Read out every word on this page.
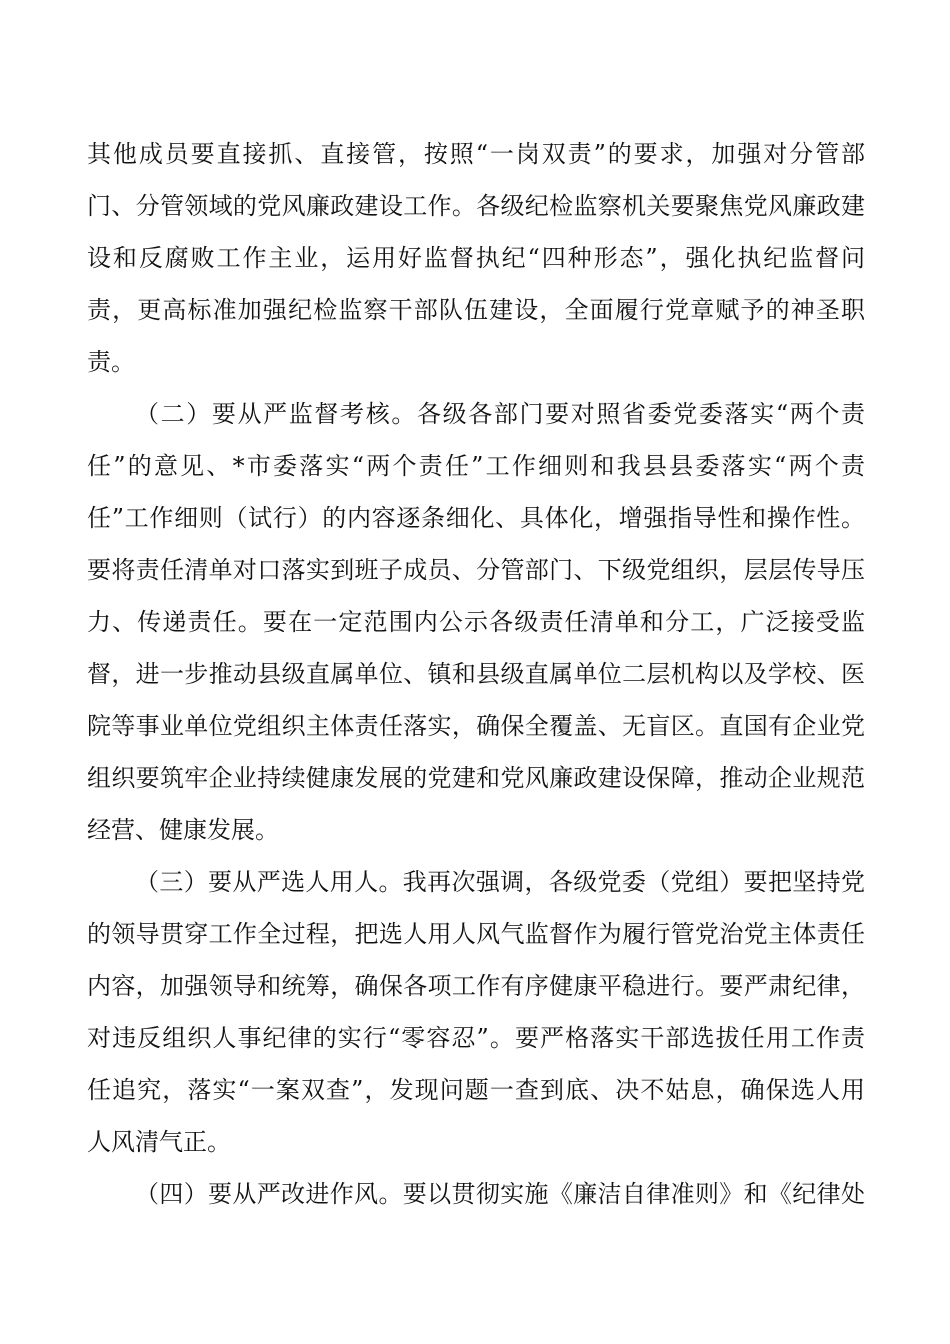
其他成员要直接抓、直接管，按照“一岗双责”的要求，加强对分管部
门、分管领域的党风廉政建设工作。各级纪检监察机关要聚焦党风廉政建
设和反腐败工作主业，运用好监督执纪“四种形态”，强化执纪监督问
责，更高标准加强纪检监察干部队伍建设，全面履行党章赋予的神圣职
责。
（二）要从严监督考核。各级各部门要对照省委党委落实“两个责
任”的意见、*市委落实“两个责任”工作细则和我县县委落实“两个责
任”工作细则（试行）的内容逐条细化、具体化，增强指导性和操作性。
要将责任清单对口落实到班子成员、分管部门、下级党组织，层层传导压
力、传递责任。要在一定范围内公示各级责任清单和分工，广泛接受监
督，进一步推动县级直属单位、镇和县级直属单位二层机构以及学校、医
院等事业单位党组织主体责任落实，确保全覆盖、无盲区。直国有企业党
组织要筑牢企业持续健康发展的党建和党风廉政建设保障，推动企业规范
经营、健康发展。
（三）要从严选人用人。我再次强调，各级党委（党组）要把坚持党
的领导贯穿工作全过程，把选人用人风气监督作为履行管党治党主体责任
内容，加强领导和统筹，确保各项工作有序健康平稳进行。要严肃纪律，
对违反组织人事纪律的实行“零容忍”。要严格落实干部选拔任用工作责
任追究，落实“一案双查”，发现问题一查到底、决不姑息，确保选人用
人风清气正。
（四）要从严改进作风。要以贯彻实施《廉洁自律准则》和《纪律处
